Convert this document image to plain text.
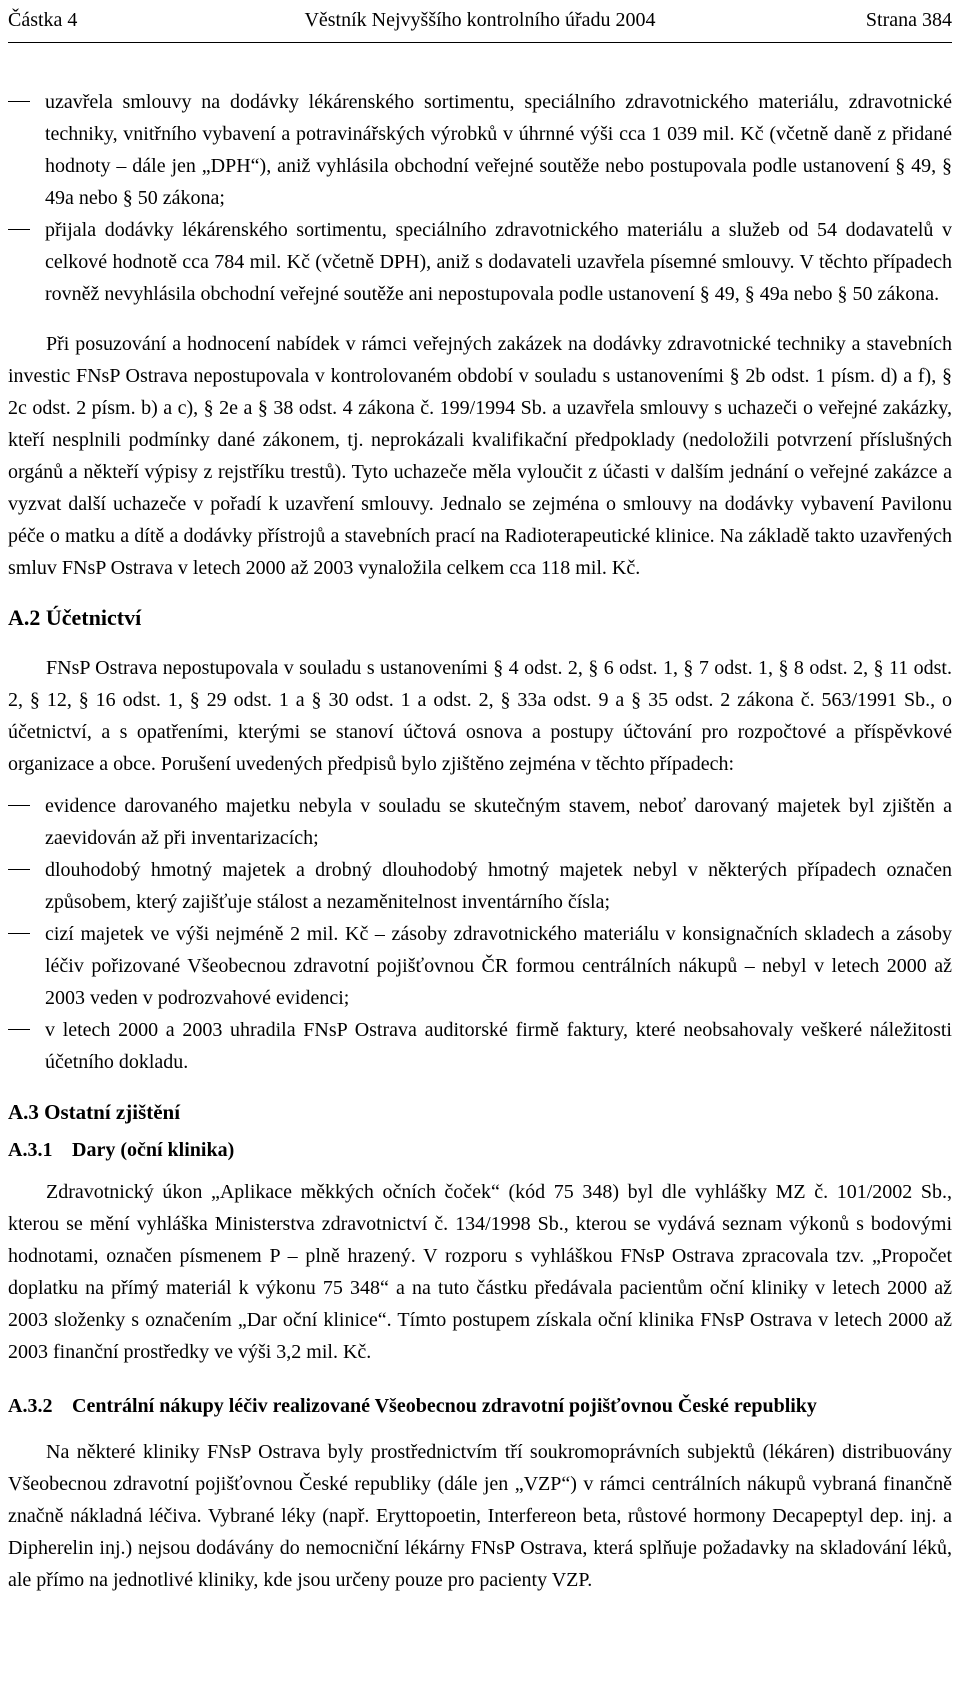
Částka 4	Věstník Nejvyššího kontrolního úřadu 2004	Strana 384
uzavřela smlouvy na dodávky lékárenského sortimentu, speciálního zdravotnického materiálu, zdravotnické techniky, vnitřního vybavení a potravinářských výrobků v úhrnné výši cca 1 039 mil. Kč (včetně daně z přidané hodnoty – dále jen „DPH“), aniž vyhlásila obchodní veřejné soutěže nebo postupovala podle ustanovení § 49, § 49a nebo § 50 zákona;
přijala dodávky lékárenského sortimentu, speciálního zdravotnického materiálu a služeb od 54 dodavatelů v celkové hodnotě cca 784 mil. Kč (včetně DPH), aniž s dodavateli uzavřela písemné smlouvy. V těchto případech rovněž nevyhlásila obchodní veřejné soutěže ani nepostupovala podle ustanovení § 49, § 49a nebo § 50 zákona.

Při posuzování a hodnocení nabídek v rámci veřejných zakázek na dodávky zdravotnické techniky a stavebních investic FNsP Ostrava nepostupovala v kontrolovaném období v souladu s ustanoveními § 2b odst. 1 písm. d) a f), § 2c odst. 2 písm. b) a c), § 2e a § 38 odst. 4 zákona č. 199/1994 Sb. a uzavřela smlouvy s uchazeči o veřejné zakázky, kteří nesplnili podmínky dané zákonem, tj. neprokázali kvalifikační předpoklady (nedoložili potvrzení příslušných orgánů a někteří výpisy z rejstříku trestů). Tyto uchazeče měla vyloučit z účasti v dalším jednání o veřejné zakázce a vyzvat další uchazeče v pořadí k uzavření smlouvy. Jednalo se zejména o smlouvy na dodávky vybavení Pavilonu péče o matku a dítě a dodávky přístrojů a stavebních prací na Radioterapeutické klinice. Na základě takto uzavřených smluv FNsP Ostrava v letech 2000 až 2003 vynaložila celkem cca 118 mil. Kč.

A.2 Účetnictví

FNsP Ostrava nepostupovala v souladu s ustanoveními § 4 odst. 2, § 6 odst. 1, § 7 odst. 1, § 8 odst. 2, § 11 odst. 2, § 12, § 16 odst. 1, § 29 odst. 1 a § 30 odst. 1 a odst. 2, § 33a odst. 9 a § 35 odst. 2 zákona č. 563/1991 Sb., o účetnictví, a s opatřeními, kterými se stanoví účtová osnova a postupy účtování pro rozpočtové a příspěvkové organizace a obce. Porušení uvedených předpisů bylo zjištěno zejména v těchto případech:

evidence darovaného majetku nebyla v souladu se skutečným stavem, neboť darovaný majetek byl zjištěn a zaevidován až při inventarizacích;
dlouhodobý hmotný majetek a drobný dlouhodobý hmotný majetek nebyl v některých případech označen způsobem, který zajišťuje stálost a nezaměnitelnost inventárního čísla;
cizí majetek ve výši nejméně 2 mil. Kč – zásoby zdravotnického materiálu v konsignačních skladech a zásoby léčiv pořizované Všeobecnou zdravotní pojišťovnou ČR formou centrálních nákupů – nebyl v letech 2000 až 2003 veden v podrozvahové evidenci;
v letech 2000 a 2003 uhradila FNsP Ostrava auditorské firmě faktury, které neobsahovaly veškeré náležitosti účetního dokladu.
A.3 Ostatní zjištění
A.3.1 Dary (oční klinika)

Zdravotnický úkon „Aplikace měkkých očních čoček“ (kód 75 348) byl dle vyhlášky MZ č. 101/2002 Sb., kterou se mění vyhláška Ministerstva zdravotnictví č. 134/1998 Sb., kterou se vydává seznam výkonů s bodovými hodnotami, označen písmenem P – plně hrazený. V rozporu s vyhláškou FNsP Ostrava zpracovala tzv. „Propočet doplatku na přímý materiál k výkonu 75 348“ a na tuto částku předávala pacientům oční kliniky v letech 2000 až 2003 složenky s označením „Dar oční klinice“. Tímto postupem získala oční klinika FNsP Ostrava v letech 2000 až 2003 finanční prostředky ve výši 3,2 mil. Kč.

A.3.2 Centrální nákupy léčiv realizované Všeobecnou zdravotní pojišťovnou České republiky

Na některé kliniky FNsP Ostrava byly prostřednictvím tří soukromoprávních subjektů (lékáren) distribuovány Všeobecnou zdravotní pojišťovnou České republiky (dále jen „VZP“) v rámci centrálních nákupů vybraná finančně značně nákladná léčiva. Vybrané léky (např. Eryttopoetin, Interfereon beta, růstové hormony Decapeptyl dep. inj. a Dipherelin inj.) nejsou dodávány do nemocniční lékárny FNsP Ostrava, která splňuje požadavky na skladování léků, ale přímo na jednotlivé kliniky, kde jsou určeny pouze pro pacienty VZP.
